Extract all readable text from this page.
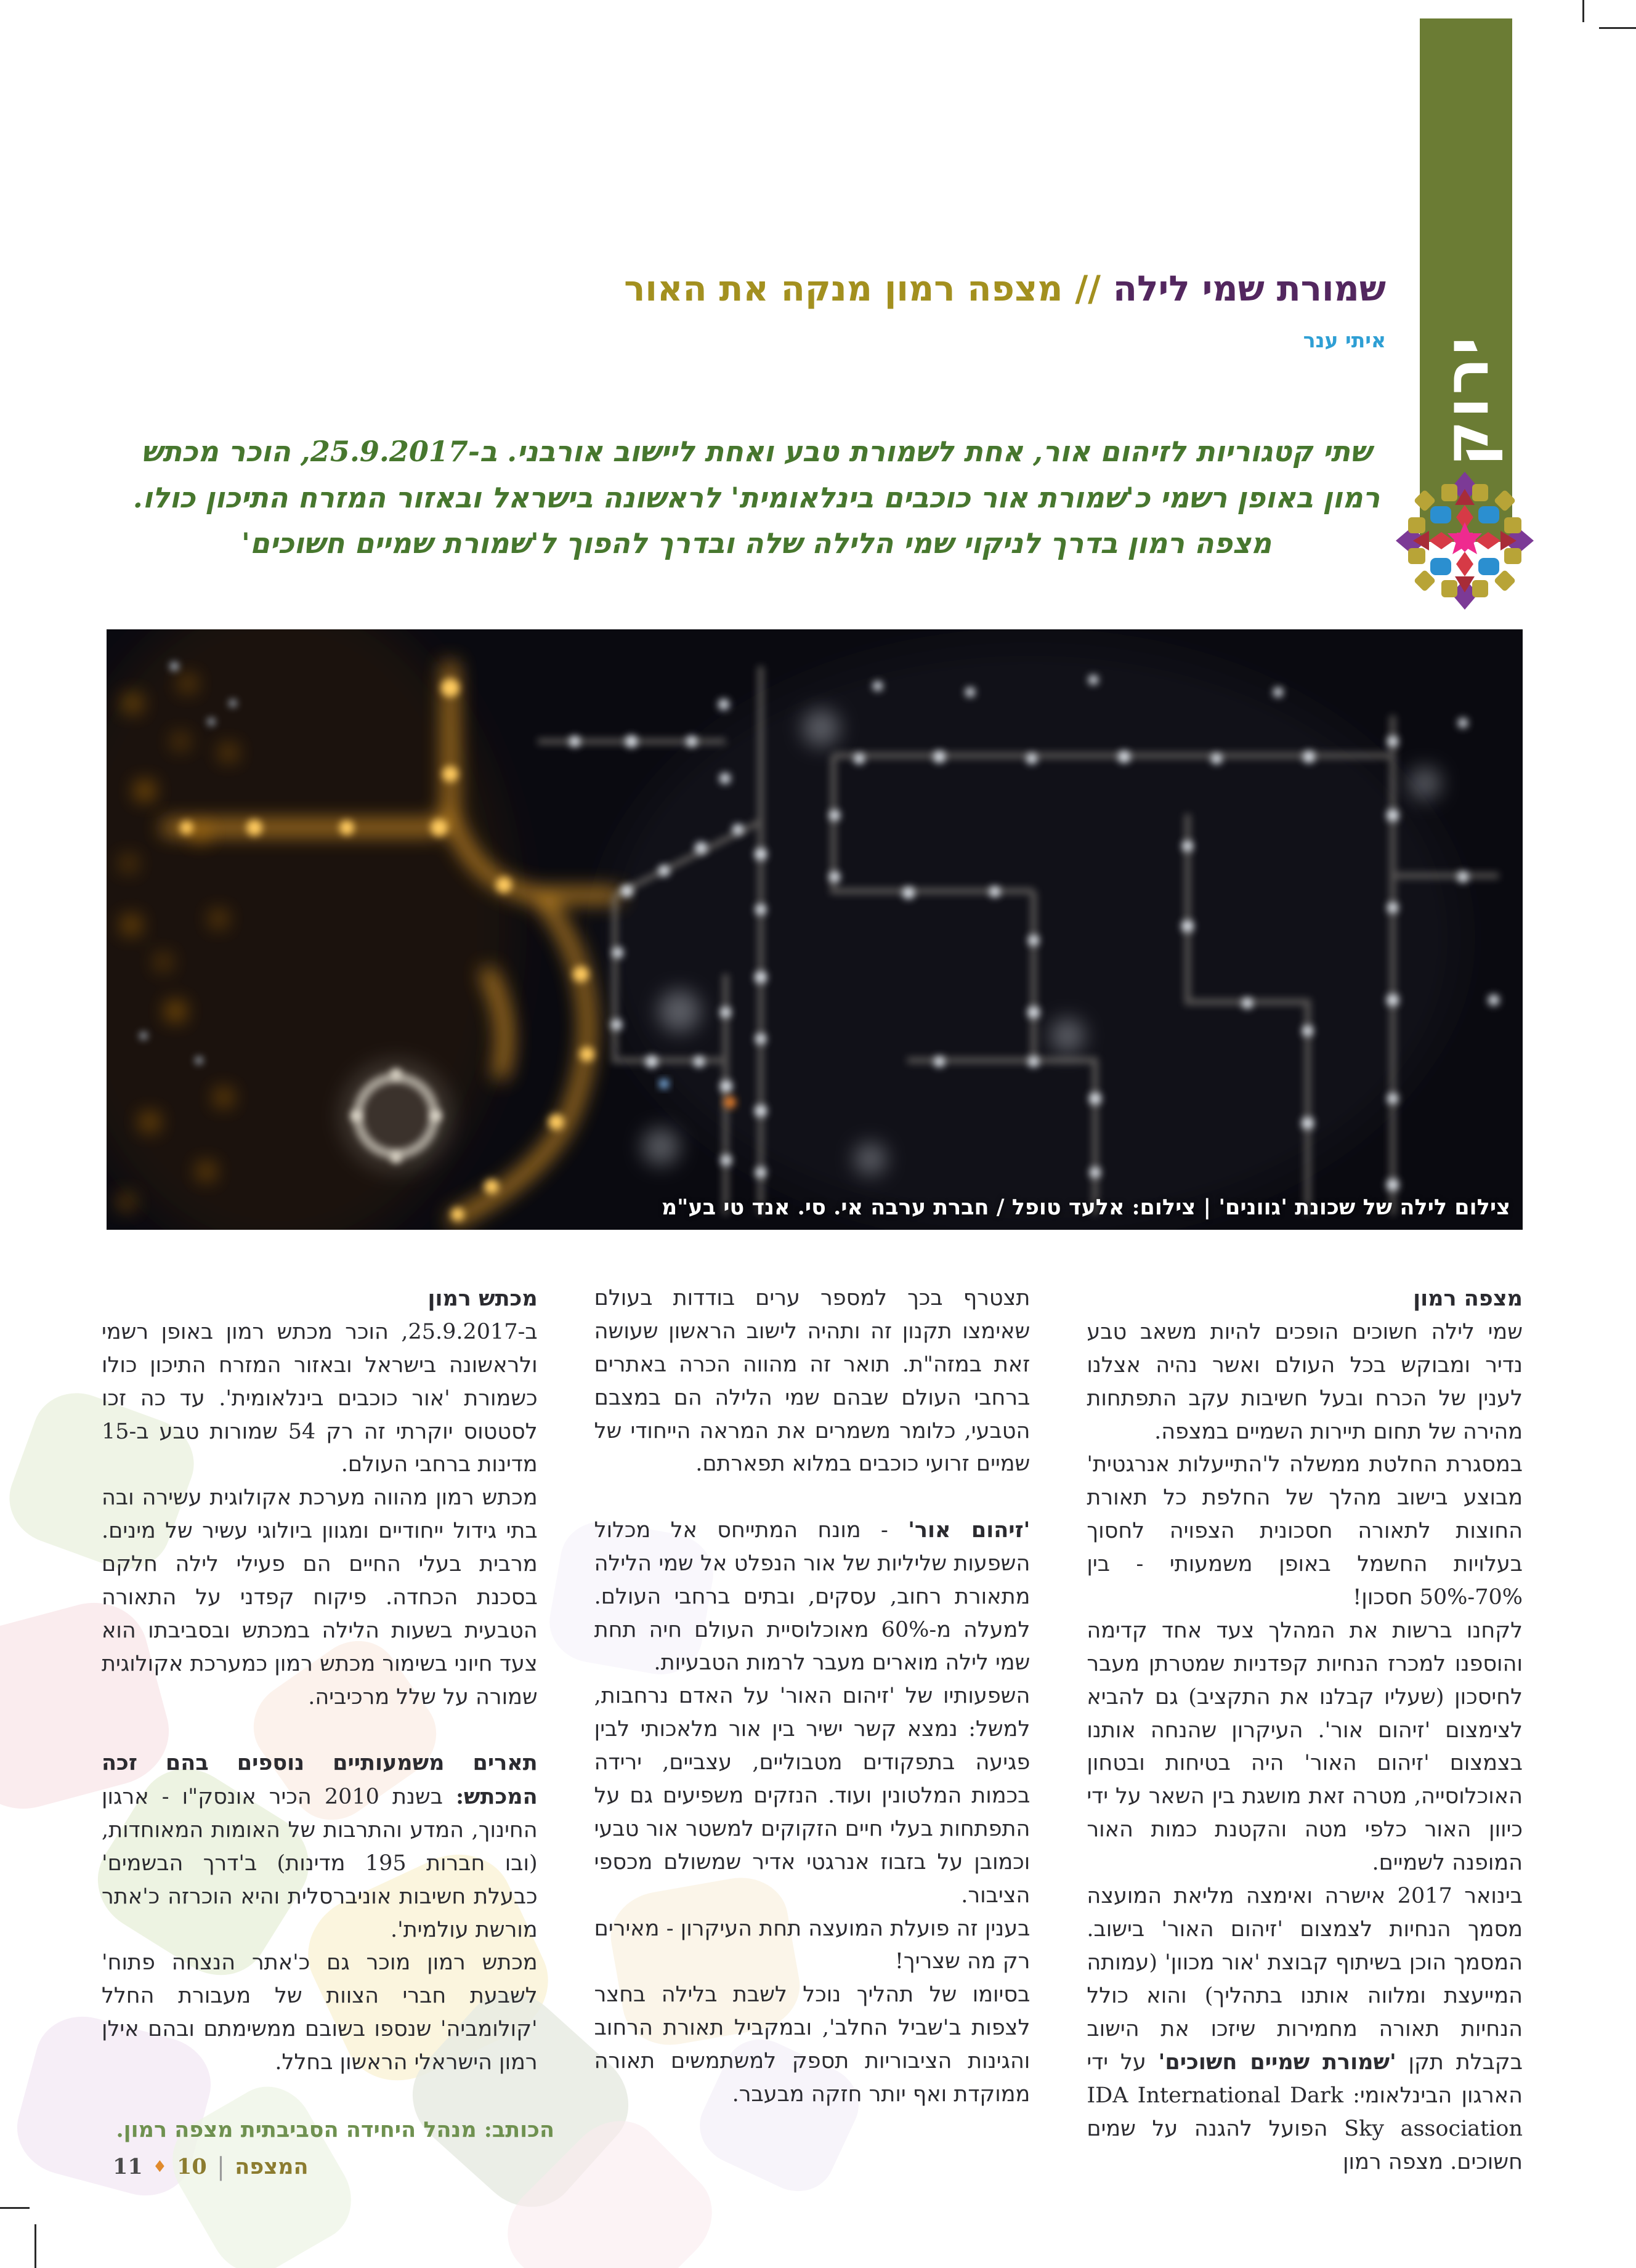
ירוק
שמורת שמי לילה // מצפה רמון מנקה את האור
איתי ענר

שתי קטגוריות לזיהום אור, אחת לשמורת טבע ואחת ליישוב אורבני. ב-25.9.2017, הוכר מכתש רמון באופן רשמי כ'שמורת אור כוכבים בינלאומית' לראשונה בישראל ובאזור המזרח התיכון כולו. מצפה רמון בדרך לניקוי שמי הלילה שלה ובדרך להפוך ל'שמורת שמיים חשוכים'

צילום לילה של שכונת 'גוונים' | צילום: אלעד טופל / חברת ערבה אי. סי. אנד טי בע"מ

מצפה רמון

שמי לילה חשוכים הופכים להיות משאב טבע נדיר ומבוקש בכל העולם ואשר נהיה אצלנו לענין של הכרח ובעל חשיבות עקב התפתחות מהירה של תחום תיירות השמיים במצפה.

במסגרת החלטת ממשלה ל'התייעלות אנרגטית' מבוצע בישוב מהלך של החלפת כל תאורת החוצות לתאורה חסכונית הצפויה לחסוך בעלויות החשמל באופן משמעותי - בין 70%-50% חסכון!

לקחנו ברשות את המהלך צעד אחד קדימה והוספנו למכרז הנחיות קפדניות שמטרתן מעבר לחיסכון (שעליו קבלנו את התקציב) גם להביא לצימצום 'זיהום אור'. העיקרון שהנחה אותנו בצמצום 'זיהום האור' היה בטיחות ובטחון האוכלוסייה, מטרה זאת מושגת בין השאר על ידי כיוון האור כלפי מטה והקטנת כמות האור המופנה לשמיים.

בינואר 2017 אישרה ואימצה מליאת המועצה מסמך הנחיות לצמצום 'זיהום האור' בישוב. המסמך הוכן בשיתוף קבוצת 'אור מכוון' (עמותה המייעצת ומלווה אותנו בתהליך) והוא כולל הנחיות תאורה מחמירות שיזכו את הישוב בקבלת תקן 'שמורת שמיים חשוכים' על ידי הארגון הבינלאומי: IDA International Dark Sky association הפועל להגנה על שמים חשוכים. מצפה רמון

תצטרף בכך למספר ערים בודדות בעולם שאימצו תקנון זה ותהיה לישוב הראשון שעושה זאת במזה"ת. תואר זה מהווה הכרה באתרים ברחבי העולם שבהם שמי הלילה הם במצבם הטבעי, כלומר משמרים את המראה הייחודי של שמיים זרועי כוכבים במלוא תפארתם.

'זיהום אור' - מונח המתייחס אל מכלול השפעות שליליות של אור הנפלט אל שמי הלילה מתאורת רחוב, עסקים, ובתים ברחבי העולם. למעלה מ-60% מאוכלוסיית העולם חיה תחת שמי לילה מוארים מעבר לרמות הטבעיות.

השפעותיו של 'זיהום האור' על האדם נרחבות, למשל: נמצא קשר ישיר בין אור מלאכותי לבין פגיעה בתפקודים מטבוליים, עצביים, ירידה בכמות המלטונין ועוד. הנזקים משפיעים גם על התפתחות בעלי חיים הזקוקים למשטר אור טבעי וכמובן על בזבוז אנרגטי אדיר שמשולם מכספי הציבור.

בענין זה פועלת המועצה תחת העיקרון - מאירים רק מה שצריך!

בסיומו של תהליך נוכל לשבת בלילה בחצר לצפות ב'שביל החלב', ובמקביל תאורת הרחוב והגינות הציבוריות תספק למשתמשים תאורה ממוקדת ואף יותר חזקה מבעבר.

מכתש רמון

ב-25.9.2017, הוכר מכתש רמון באופן רשמי ולראשונה בישראל ובאזור המזרח התיכון כולו כשמורת 'אור כוכבים בינלאומית'. עד כה זכו לסטטוס יוקרתי זה רק 54 שמורות טבע ב-15 מדינות ברחבי העולם.

מכתש רמון מהווה מערכת אקולוגית עשירה ובה בתי גידול ייחודיים ומגוון ביולוגי עשיר של מינים. מרבית בעלי החיים הם פעילי לילה חלקם בסכנת הכחדה. פיקוח קפדני על התאורה הטבעית בשעות הלילה במכתש ובסביבתו הוא צעד חיוני בשימור מכתש רמון כמערכת אקולוגית שמורה על שלל מרכיביה.

תארים משמעותיים נוספים בהם זכה המכתש: בשנת 2010 הכיר אונסק"ו - ארגון החינוך, המדע והתרבות של האומות המאוחדות, (ובו חברות 195 מדינות) ב'דרך הבשמים' כבעלת חשיבות אוניברסלית והיא הוכרזה כ'אתר מורשת עולמית'.

מכתש רמון מוכר גם כ'אתר הנצחה פתוח' לשבעת חברי הצוות של מעבורת החלל 'קולומביה' שנספו בשובם ממשימתם ובהם אילן רמון הישראלי הראשון בחלל.

הכותב: מנהל היחידה הסביבתית מצפה רמון.
11 ♦ 10 | המצפה
